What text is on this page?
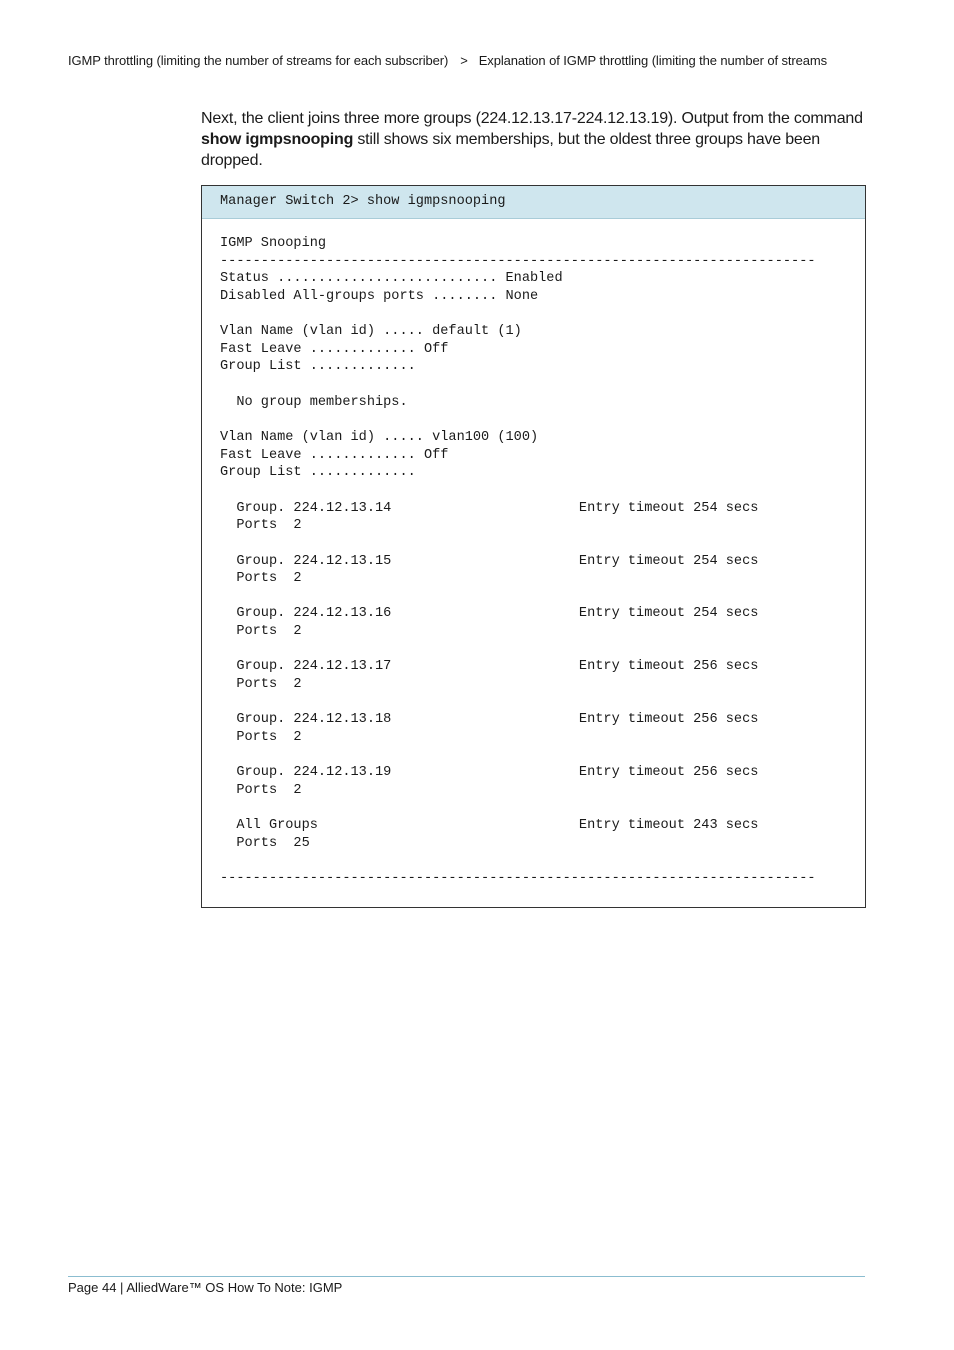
IGMP throttling (limiting the number of streams for each subscriber) > Explanation of IGMP throttling (limiting the number of streams
Next, the client joins three more groups (224.12.13.17-224.12.13.19). Output from the command show igmpsnooping still shows six memberships, but the oldest three groups have been dropped.
Manager Switch 2> show igmpsnooping
IGMP Snooping
-------------------------------------------------------------------------
Status ........................... Enabled
Disabled All-groups ports ........ None
Vlan Name (vlan id) ..... default (1)
Fast Leave ............. Off
Group List .............
No group memberships.
Vlan Name (vlan id) ..... vlan100 (100)
Fast Leave ............. Off
Group List .............
Group. 224.12.13.14                       Entry timeout 254 secs
Ports  2
Group. 224.12.13.15                       Entry timeout 254 secs
Ports  2
Group. 224.12.13.16                       Entry timeout 254 secs
Ports  2
Group. 224.12.13.17                       Entry timeout 256 secs
Ports  2
Group. 224.12.13.18                       Entry timeout 256 secs
Ports  2
Group. 224.12.13.19                       Entry timeout 256 secs
Ports  2
All Groups                                Entry timeout 243 secs
Ports  25
-------------------------------------------------------------------------
Page 44 | AlliedWare™ OS How To Note: IGMP
